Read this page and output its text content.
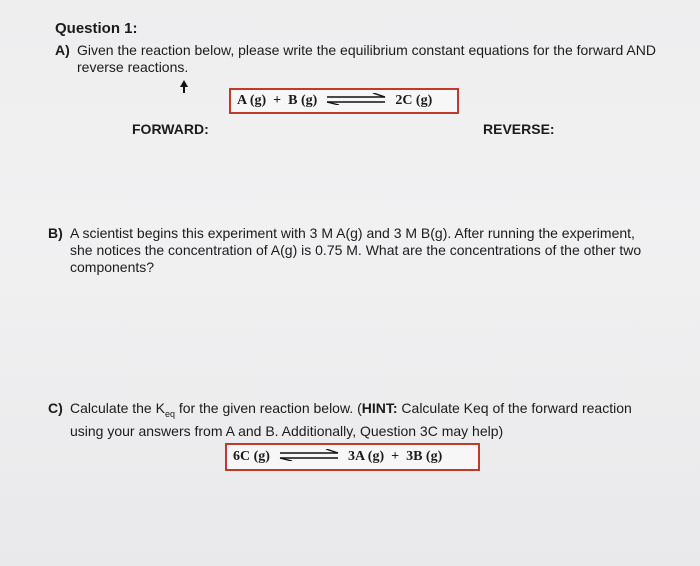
Question 1:
A) Given the reaction below, please write the equilibrium constant equations for the forward AND
reverse reactions.
A (g)  +  B (g)	2C (g)
FORWARD:	REVERSE:
B) A scientist begins this experiment with 3 M A(g) and 3 M B(g). After running the experiment,
she notices the concentration of A(g) is 0.75 M. What are the concentrations of the other two
components?
C) Calculate the $K_{eq}$ for the given reaction below. (HINT: Calculate Keq of the forward reaction
using your answers from A and B. Additionally, Question 3C may help)
6C (g)	3A (g)  +  3B (g)
